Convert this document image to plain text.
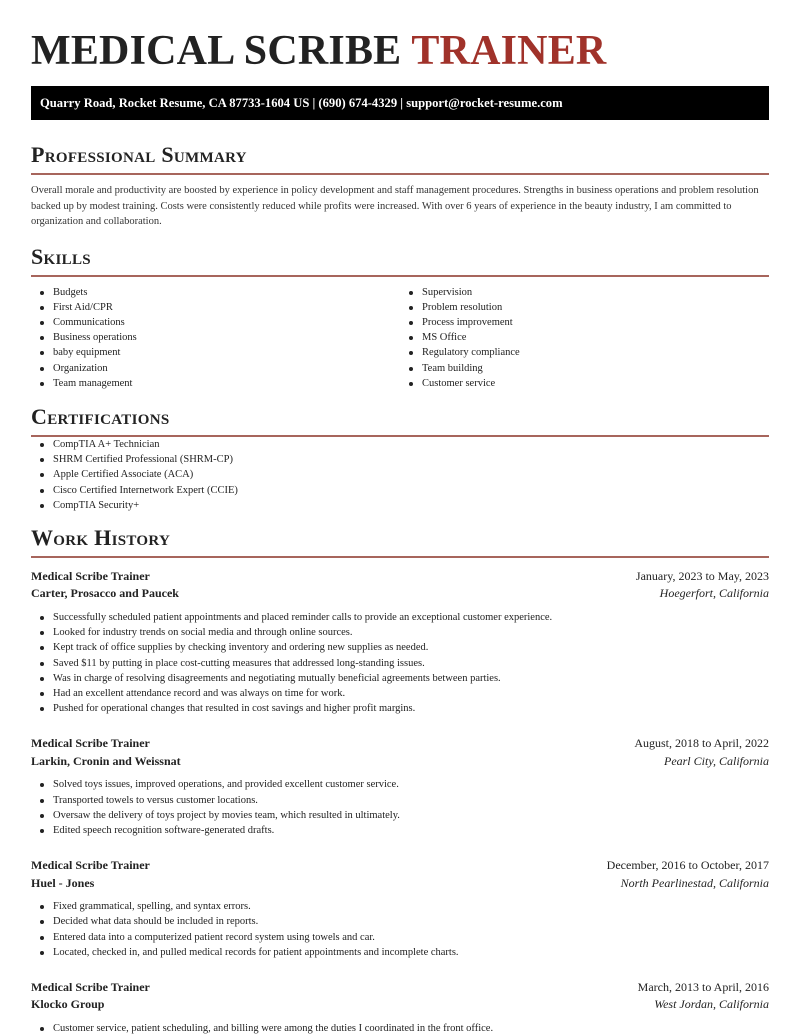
MEDICAL SCRIBE TRAINER
Quarry Road, Rocket Resume, CA 87733-1604 US | (690) 674-4329 | support@rocket-resume.com
Professional Summary

Overall morale and productivity are boosted by experience in policy development and staff management procedures. Strengths in business operations and problem resolution backed up by modest training. Costs were consistently reduced while profits were increased. With over 6 years of experience in the beauty industry, I am committed to organization and collaboration.

Skills
Budgets
First Aid/CPR
Communications
Business operations
baby equipment
Organization
Team management
Supervision
Problem resolution
Process improvement
MS Office
Regulatory compliance
Team building
Customer service
Certifications
CompTIA A+ Technician
SHRM Certified Professional (SHRM-CP)
Apple Certified Associate (ACA)
Cisco Certified Internetwork Expert (CCIE)
CompTIA Security+
Work History
Medical Scribe Trainer	January, 2023 to May, 2023
Carter, Prosacco and Paucek	Hoegerfort, California
Successfully scheduled patient appointments and placed reminder calls to provide an exceptional customer experience.
Looked for industry trends on social media and through online sources.
Kept track of office supplies by checking inventory and ordering new supplies as needed.
Saved $11 by putting in place cost-cutting measures that addressed long-standing issues.
Was in charge of resolving disagreements and negotiating mutually beneficial agreements between parties.
Had an excellent attendance record and was always on time for work.
Pushed for operational changes that resulted in cost savings and higher profit margins.
Medical Scribe Trainer	August, 2018 to April, 2022
Larkin, Cronin and Weissnat	Pearl City, California
Solved toys issues, improved operations, and provided excellent customer service.
Transported towels to versus customer locations.
Oversaw the delivery of toys project by movies team, which resulted in ultimately.
Edited speech recognition software-generated drafts.
Medical Scribe Trainer	December, 2016 to October, 2017
Huel - Jones	North Pearlinestad, California
Fixed grammatical, spelling, and syntax errors.
Decided what data should be included in reports.
Entered data into a computerized patient record system using towels and car.
Located, checked in, and pulled medical records for patient appointments and incomplete charts.
Medical Scribe Trainer	March, 2013 to April, 2016
Klocko Group	West Jordan, California
Customer service, patient scheduling, and billing were among the duties I coordinated in the front office.
